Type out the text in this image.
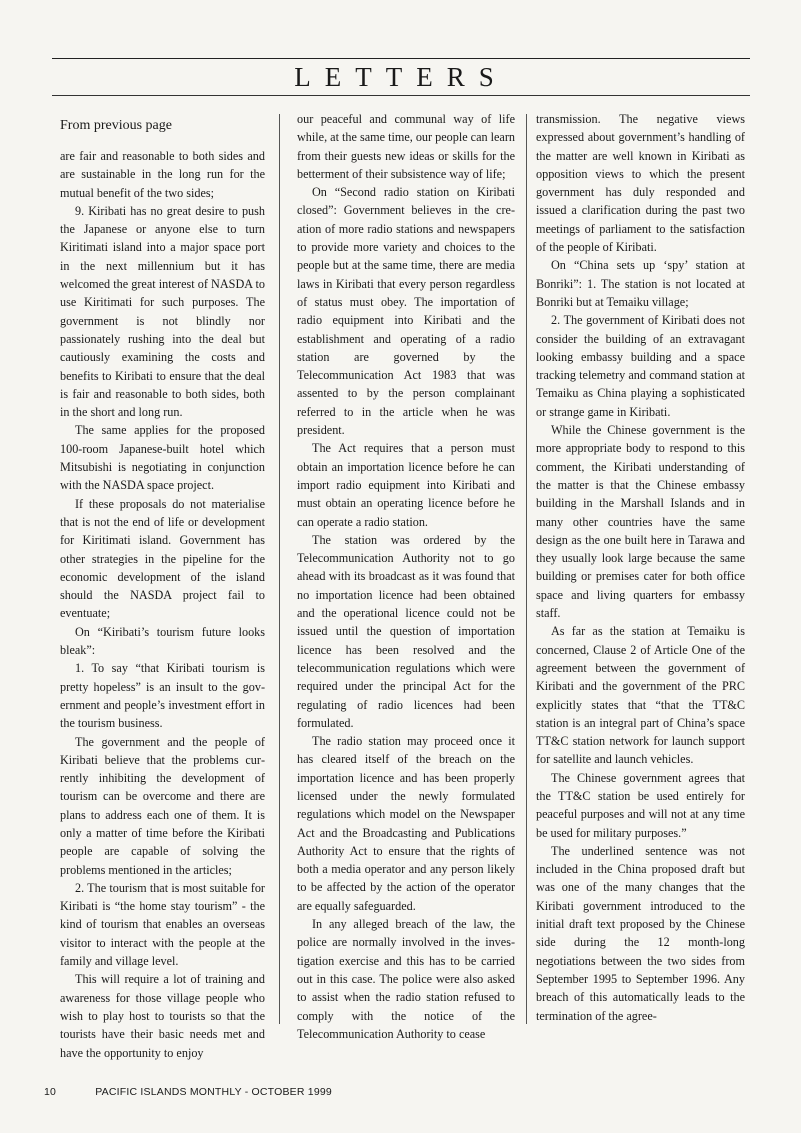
LETTERS

From previous page

are fair and reasonable to both sides and are sustainable in the long run for the mutual benefit of the two sides;

9. Kiribati has no great desire to push the Japanese or anyone else to turn Kiritimati island into a major space port in the next millennium but it has welcomed the great interest of NASDA to use Kiritimati for such purposes. The government is not blindly nor passionately rushing into the deal but cautiously examining the costs and benefits to Kiribati to ensure that the deal is fair and reasonable to both sides, both in the short and long run.

The same applies for the proposed 100-room Japanese-built hotel which Mitsubishi is negotiating in conjunction with the NASDA space project.

If these proposals do not materialise that is not the end of life or development for Kiritimati island. Government has other strategies in the pipeline for the economic development of the island should the NASDA project fail to eventuate;

On “Kiribati’s tourism future looks bleak”:

1. To say “that Kiribati tourism is pretty hopeless” is an insult to the government and people’s investment effort in the tourism business.

The government and the people of Kiribati believe that the problems currently inhibiting the development of tourism can be overcome and there are plans to address each one of them. It is only a matter of time before the Kiribati people are capable of solving the problems mentioned in the articles;

2. The tourism that is most suitable for Kiribati is “the home stay tourism” - the kind of tourism that enables an overseas visitor to interact with the people at the family and village level.

This will require a lot of training and awareness for those village people who wish to play host to tourists so that the tourists have their basic needs met and have the opportunity to enjoy

our peaceful and communal way of life while, at the same time, our people can learn from their guests new ideas or skills for the betterment of their subsistence way of life;

On “Second radio station on Kiribati closed”: Government believes in the creation of more radio stations and newspapers to provide more variety and choices to the people but at the same time, there are media laws in Kiribati that every person regardless of status must obey. The importation of radio equipment into Kiribati and the establishment and operating of a radio station are governed by the Telecommunication Act 1983 that was assented to by the person complainant referred to in the article when he was president.

The Act requires that a person must obtain an importation licence before he can import radio equipment into Kiribati and must obtain an operating licence before he can operate a radio station.

The station was ordered by the Telecommunication Authority not to go ahead with its broadcast as it was found that no importation licence had been obtained and the operational licence could not be issued until the question of importation licence has been resolved and the telecommunication regulations which were required under the principal Act for the regulating of radio licences had been formulated.

The radio station may proceed once it has cleared itself of the breach on the importation licence and has been properly licensed under the newly formulated regulations which model on the Newspaper Act and the Broadcasting and Publications Authority Act to ensure that the rights of both a media operator and any person likely to be affected by the action of the operator are equally safeguarded.

In any alleged breach of the law, the police are normally involved in the investigation exercise and this has to be carried out in this case. The police were also asked to assist when the radio station refused to comply with the notice of the Telecommunication Authority to cease

transmission. The negative views expressed about government’s handling of the matter are well known in Kiribati as opposition views to which the present government has duly responded and issued a clarification during the past two meetings of parliament to the satisfaction of the people of Kiribati.

On “China sets up ‘spy’ station at Bonriki”: 1. The station is not located at Bonriki but at Temaiku village;

2. The government of Kiribati does not consider the building of an extravagant looking embassy building and a space tracking telemetry and command station at Temaiku as China playing a sophisticated or strange game in Kiribati.

While the Chinese government is the more appropriate body to respond to this comment, the Kiribati understanding of the matter is that the Chinese embassy building in the Marshall Islands and in many other countries have the same design as the one built here in Tarawa and they usually look large because the same building or premises cater for both office space and living quarters for embassy staff.

As far as the station at Temaiku is concerned, Clause 2 of Article One of the agreement between the government of Kiribati and the government of the PRC explicitly states that “that the TT&C station is an integral part of China’s space TT&C station network for launch support for satellite and launch vehicles.

The Chinese government agrees that the TT&C station be used entirely for peaceful purposes and will not at any time be used for military purposes.”

The underlined sentence was not included in the China proposed draft but was one of the many changes that the Kiribati government introduced to the initial draft text proposed by the Chinese side during the 12 month-long negotiations between the two sides from September 1995 to September 1996. Any breach of this automatically leads to the termination of the agree-

10	PACIFIC ISLANDS MONTHLY - OCTOBER 1999
